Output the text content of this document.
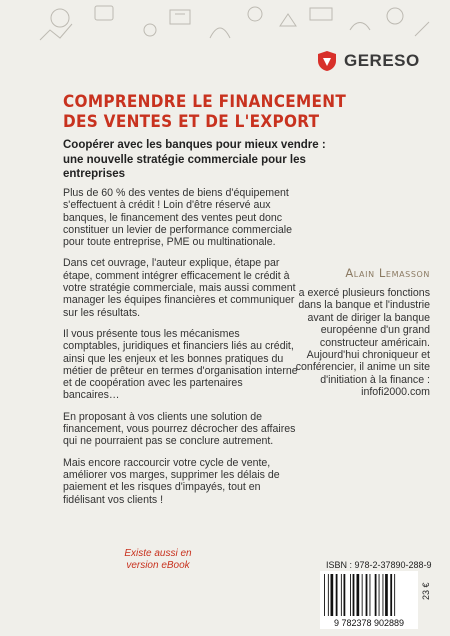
GERESO
COMPRENDRE LE FINANCEMENT DES VENTES ET DE L'EXPORT
Coopérer avec les banques pour mieux vendre : une nouvelle stratégie commerciale pour les entreprises

Plus de 60 % des ventes de biens d'équipement s'effectuent à crédit ! Loin d'être réservé aux banques, le financement des ventes peut donc constituer un levier de performance commerciale pour toute entreprise, PME ou multinationale.

Dans cet ouvrage, l'auteur explique, étape par étape, comment intégrer efficacement le crédit à votre stratégie commerciale, mais aussi comment manager les équipes financières et communiquer sur les résultats.

Il vous présente tous les mécanismes comptables, juridiques et financiers liés au crédit, ainsi que les enjeux et les bonnes pratiques du métier de prêteur en termes d'organisation interne et de coopération avec les partenaires bancaires…

En proposant à vos clients une solution de financement, vous pourrez décrocher des affaires qui ne pourraient pas se conclure autrement.

Mais encore raccourcir votre cycle de vente, améliorer vos marges, supprimer les délais de paiement et les risques d'impayés, tout en fidélisant vos clients !

Alain Lemasson
a exercé plusieurs fonctions dans la banque et l'industrie avant de diriger la banque européenne d'un grand constructeur américain. Aujourd'hui chroniqueur et conférencier, il anime un site d'initiation à la finance : infofi2000.com
Existe aussi en version eBook	ISBN : 978-2-37890-288-9
9 782378 902889
23 €
